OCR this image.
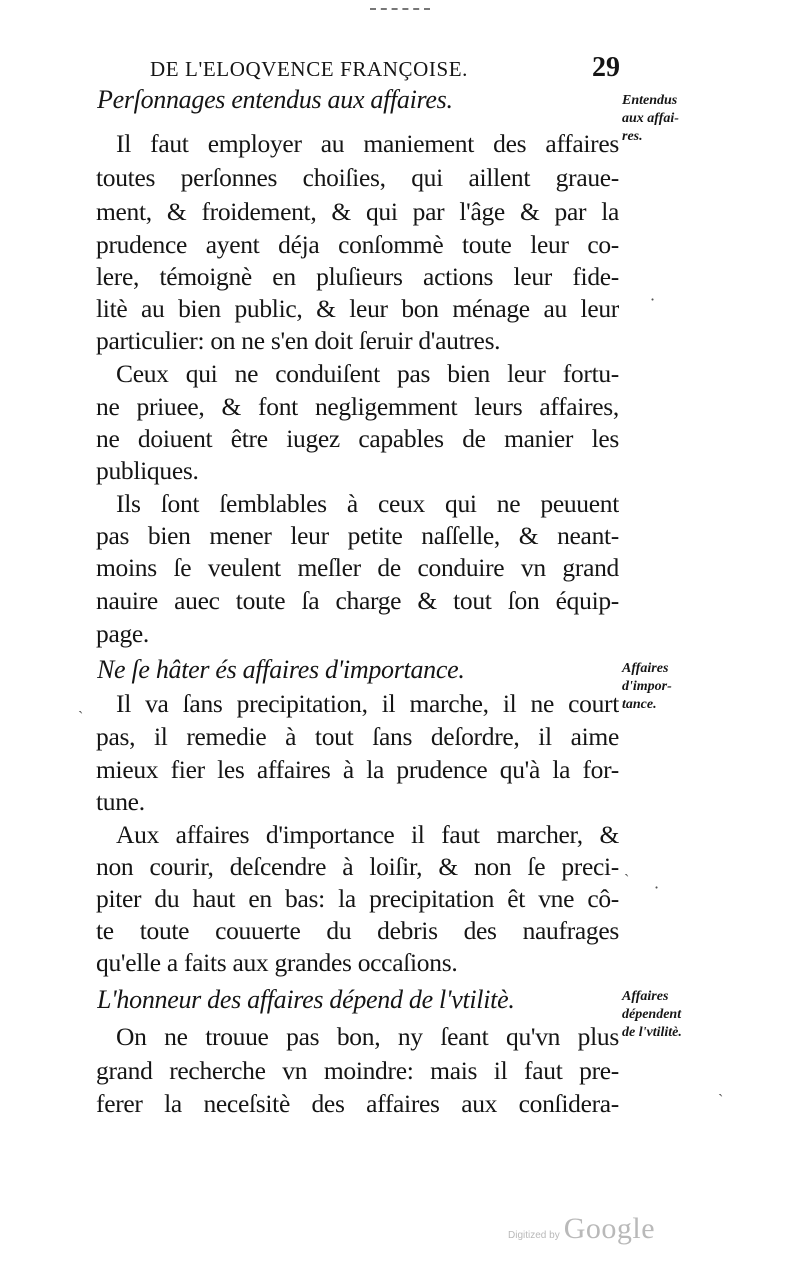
DE L'ELOQVENCE FRANÇOISE.	29
Perſonnages entendus aux affaires.
Il faut employer au maniement des affaires
toutes perſonnes choiſies, qui aillent graue-
ment, & froidement, & qui par l'âge & par la
prudence ayent déja conſommè toute leur co-
lere, témoignè en pluſieurs actions leur fide-
litè au bien public, & leur bon ménage au leur
particulier: on ne s'en doit ſeruir d'autres.
Ceux qui ne conduiſent pas bien leur fortu-
ne priuee, & font negligemment leurs affaires,
ne doiuent être iugez capables de manier les
publiques.
Ils ſont ſemblables à ceux qui ne peuuent
pas bien mener leur petite naſſelle, & neant-
moins ſe veulent meſler de conduire vn grand
nauire auec toute ſa charge & tout ſon équip-
page.
Ne ſe hâter és affaires d'importance.
Il va ſans precipitation, il marche, il ne court
pas, il remedie à tout ſans deſordre, il aime
mieux fier les affaires à la prudence qu'à la for-
tune.
Aux affaires d'importance il faut marcher, &
non courir, deſcendre à loiſir, & non ſe preci-
piter du haut en bas: la precipitation êt vne cô-
te toute couuerte du debris des naufrages
qu'elle a faits aux grandes occaſions.
L'honneur des affaires dépend de l'vtilitè.
On ne trouue pas bon, ny ſeant qu'vn plus
grand recherche vn moindre: mais il faut pre-
ferer la neceſsitè des affaires aux conſidera-
Entendus
aux affai-
res.
Affaires
d'impor-
tance.
Affaires
dépendent
de l'vtilitè.
·
ˏ
ˏ
·
ˏ
Digitized by Google
